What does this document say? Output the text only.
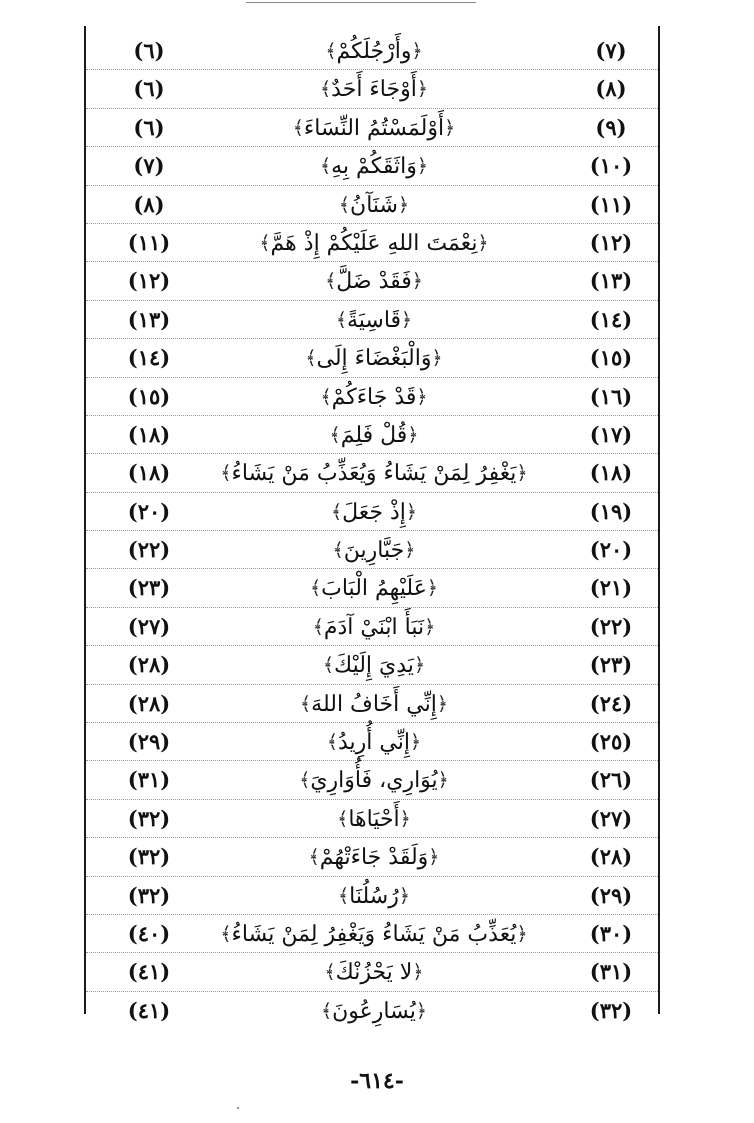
(٦)	﴿وأَرْجُلَكُمْ﴾	(٧)
(٦)	﴿أَوْجَاءَ أَحَدٌ﴾	(٨)
(٦)	﴿أَوْلَمَسْتُمُ النِّسَاءَ﴾	(٩)
(٧)	﴿وَاثَقَكُمْ بِهِ﴾	(١٠)
(٨)	﴿شَنَآنُ﴾	(١١)
(١١)	﴿نِعْمَتَ اللهِ عَلَيْكُمْ إِذْ هَمَّ﴾	(١٢)
(١٢)	﴿فَقَدْ ضَلَّ﴾	(١٣)
(١٣)	﴿قَاسِيَةً﴾	(١٤)
(١٤)	﴿وَالْبَغْضَاءَ إِلَى﴾	(١٥)
(١٥)	﴿قَدْ جَاءَكُمْ﴾	(١٦)
(١٨)	﴿قُلْ فَلِمَ﴾	(١٧)
(١٨)	﴿يَغْفِرُ لِمَنْ يَشَاءُ وَيُعَذِّبُ مَنْ يَشَاءُ﴾	(١٨)
(٢٠)	﴿إِذْ جَعَلَ﴾	(١٩)
(٢٢)	﴿جَبَّارِينَ﴾	(٢٠)
(٢٣)	﴿عَلَيْهِمُ الْبَابَ﴾	(٢١)
(٢٧)	﴿نَبَأَ ابْنَيْ آدَمَ﴾	(٢٢)
(٢٨)	﴿يَدِيَ إِلَيْكَ﴾	(٢٣)
(٢٨)	﴿إِنِّي أَخَافُ اللهَ﴾	(٢٤)
(٢٩)	﴿إِنِّي أُرِيدُ﴾	(٢٥)
(٣١)	﴿يُوَارِي، فَأُوَارِيَ﴾	(٢٦)
(٣٢)	﴿أَحْيَاهَا﴾	(٢٧)
(٣٢)	﴿وَلَقَدْ جَاءَتْهُمْ﴾	(٢٨)
(٣٢)	﴿رُسُلُنَا﴾	(٢٩)
(٤٠)	﴿يُعَذِّبُ مَنْ يَشَاءُ وَيَغْفِرُ لِمَنْ يَشَاءُ﴾	(٣٠)
(٤١)	﴿لا يَحْزُنْكَ﴾	(٣١)
(٤١)	﴿يُسَارِعُونَ﴾	(٣٢)
-٦١٤-
